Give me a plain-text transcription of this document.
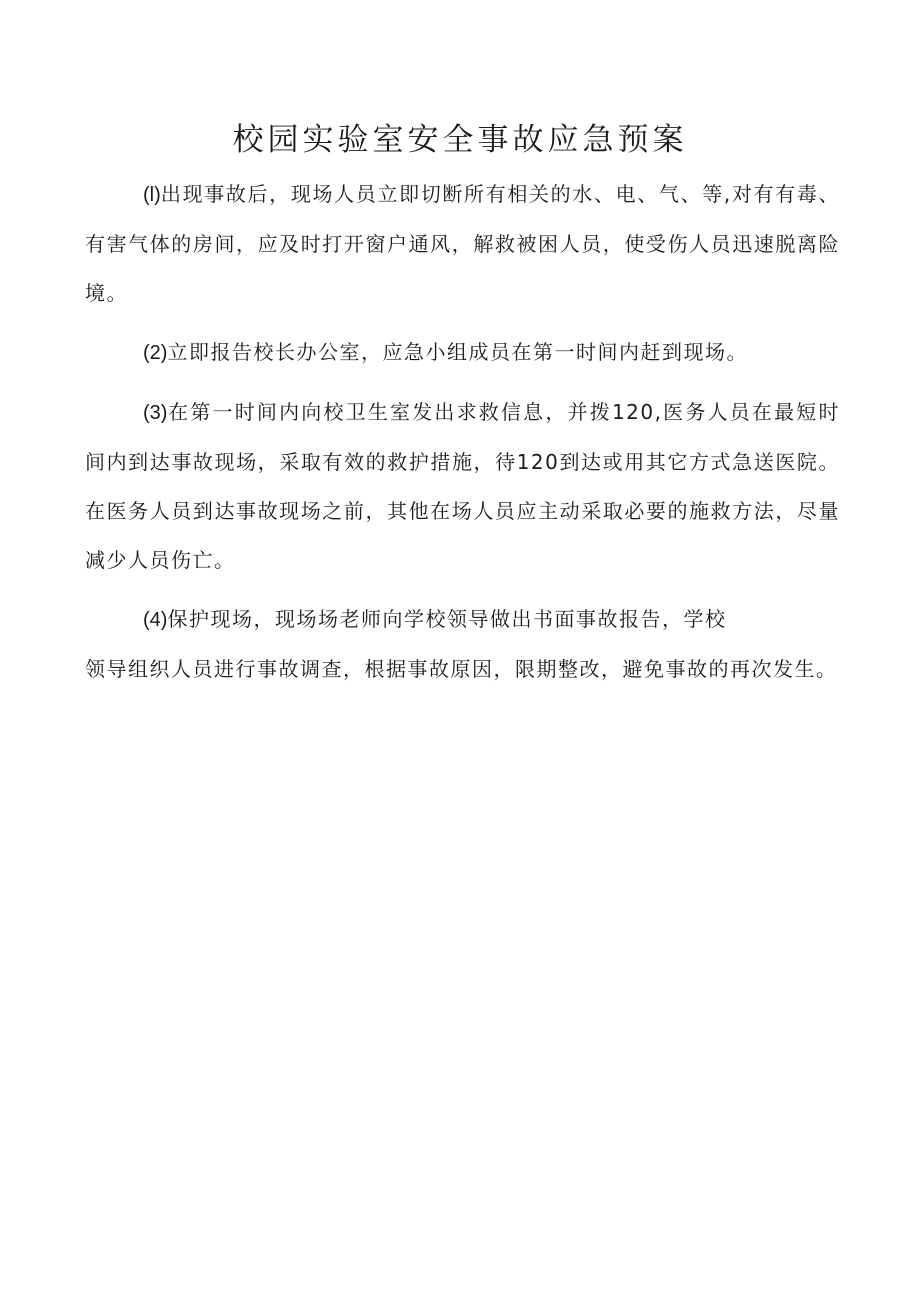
校园实验室安全事故应急预案

(l)出现事故后，现场人员立即切断所有相关的水、电、气、等,对有有毒、有害气体的房间，应及时打开窗户通风，解救被困人员，使受伤人员迅速脱离险境。

(2)立即报告校长办公室，应急小组成员在第一时间内赶到现场。

(3)在第一时间内向校卫生室发出求救信息，并拨120,医务人员在最短时间内到达事故现场，采取有效的救护措施，待120到达或用其它方式急送医院。在医务人员到达事故现场之前，其他在场人员应主动采取必要的施救方法，尽量减少人员伤亡。

(4)保护现场，现场场老师向学校领导做出书面事故报告，学校
领导组织人员进行事故调查，根据事故原因，限期整改，避免事故的再次发生。
